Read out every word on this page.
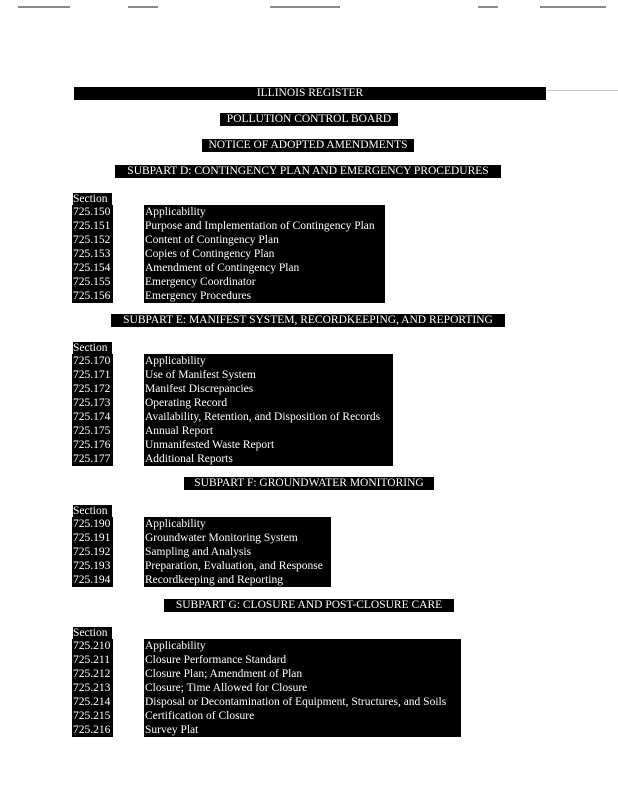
ILLINOIS REGISTER
POLLUTION CONTROL BOARD
NOTICE OF ADOPTED AMENDMENTS
SUBPART D: CONTINGENCY PLAN AND EMERGENCY PROCEDURES
Section
725.150	Applicability
725.151	Purpose and Implementation of Contingency Plan
725.152	Content of Contingency Plan
725.153	Copies of Contingency Plan
725.154	Amendment of Contingency Plan
725.155	Emergency Coordinator
725.156	Emergency Procedures
SUBPART E: MANIFEST SYSTEM, RECORDKEEPING, AND REPORTING
Section
725.170	Applicability
725.171	Use of Manifest System
725.172	Manifest Discrepancies
725.173	Operating Record
725.174	Availability, Retention, and Disposition of Records
725.175	Annual Report
725.176	Unmanifested Waste Report
725.177	Additional Reports
SUBPART F: GROUNDWATER MONITORING
Section
725.190	Applicability
725.191	Groundwater Monitoring System
725.192	Sampling and Analysis
725.193	Preparation, Evaluation, and Response
725.194	Recordkeeping and Reporting
SUBPART G: CLOSURE AND POST-CLOSURE CARE
Section
725.210	Applicability
725.211	Closure Performance Standard
725.212	Closure Plan; Amendment of Plan
725.213	Closure; Time Allowed for Closure
725.214	Disposal or Decontamination of Equipment, Structures, and Soils
725.215	Certification of Closure
725.216	Survey Plat
